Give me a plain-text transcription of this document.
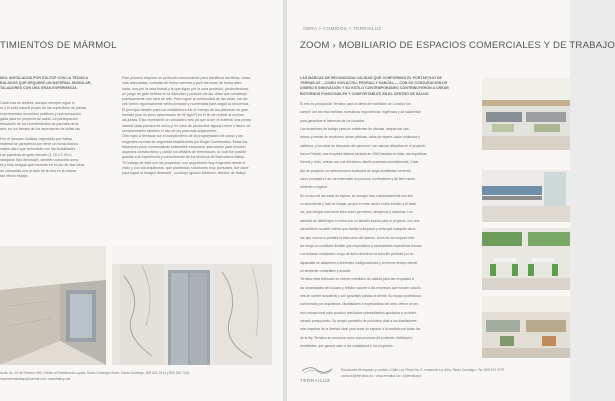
TIMIENTOS DE MÁRMOL
MOL INSTALADOS POR ITALTOP CON LA TÉCNICA
RALADOS QUE REQUIRIÓ UN MATERIAL SINGULAR,
TALADORES CON UNA GRAN EXPERIENCIA.
Cada losa es distinta, aunque siempre sigue el
ro y el sello natural propio de las superficies de piedra.
experimentan recorridos positivos y una sensación
gada para un proyecto de salud. La participación
desarrollo de los revestimientos de paredes de la
aria, en los frentes de los ascensores de todas las
Fue el llamado Volakas, importado por Italtop
material se caracteriza por tener un fondo blanco
mates claro que armonizan con las tonalidades
Las planchas de gran formato (1,78 x 2,78 m
rabajaron tipo libromach, también conocida como
ra y muy antigua que consiste en el uso de dos losas
ue colocadas una al lado de la otra en la misma
tan efecto espejo.
Este proceso requiere un profundo conocimiento para identificar las fibras, vetas,
más adecuadas, cortadas de forma correcta y pulir las losas de forma alter-
nada, una por la cara frontal y la que sigue por la cara posterior, produciéndose
un juego de gran belleza en la dirección y posición de las vetas que constituye
prácticamente una obra de arte. Para lograr la continuidad de las vetas, las pie-
zas fueron rigurosamente seleccionadas y numeradas para seguir la secuencia.
El principal desafío para los instaladores fue el manejo de las planchas de gran
formato (con un peso aproximado de 59 kg/m²) en el fin de reducir al mínimo
las juntas. Esto representó un verdadero reto ya que al ser el material una piedra
natural cada plancha es única y, en caso de producirse alguna rotura o fisura, se
comprometería también el uso de las planchas adyacentes.
Otro logro a destacar fue el cumplimiento de la programación de obras y las
exigentes normas de seguridad establecidas por Bogle Construction. Estas ins-
talaciones pone comercializan materiales exclusivos adecuados para resolver
aspectos constructivos y cuidar los detalles de terminación, lo cual fue posible
gracias a la experiencia y conocimiento de los técnicos de Marmoleria Italtop.
"El trabajo de esta con los proyectos, con seguidores muy exigentes desde el
inicio y con los arquitectos, que plantearon soluciones muy puntuales, fue clave
para lograr la imagen deseada", concluye Ignacio Martínez, director de Italtop.
Avda. Av. 23 de Febrero 493, Frente al Residencial Loyola, Santo Domingo Oeste, Santo Domingo, 809 531 1513 y 809 340 7434
marmoleriaitaltop@hotmail.com, www.italtop.net
OBRA > COMIDOS > TERRAILUZ
ZOOM › MOBILIARIO DE ESPACIOS COMERCIALES Y DE TRABAJO
LAS MARCAS DE RECONOCIDA CALIDAD QUE CONFORMAN EL PORTAFOLIO DE
TERRAILUZ —COMO SON ACTIU, PEDRALI Y SANCAL—, CON SU CONJUGACIÓN DE
DISEÑO E INNOVACIÓN Y SU ESTILO CONTEMPORÁNEO CONTRIBUYERON A CREAR
ENTORNOS FUNCIONALES Y CONFORTABLES EN EL CENTRO DE SALUD.
El reto es principal de Terrailuz para la oferta del mobiliario de Corsdon fue
cumplir con las más estrictas normativas ergonómicas, higiénicas y de salubridad
para garantizar el bienestar de los usuarios.
Las estaciones de trabajo para los ambientes de oficinas, despachos ope-
rativos y mesas de reuniones; áreas públicas, salas de espera, salón multiusos y
cafetería, y los salas de descanso del personal. Las marcas utilizadas en el proyecto
fueron Pedrali, una empresa italiana fundada en 1963 basada en Italia; las españolas
Sancal y Actiu, ambas con sus directores diseño premiado mundialmente. Cada
tipo de proyecto, se seleccionaron acabados de larga durabilidad, teniendo
como prioridad el uso de materiales no porosos, confortables y de fácil mante-
nimiento e higiene.
En el caso de las salas de espera, se escogió muy cuidadosamente sus tela
no absorbente y fácil de limpiar, ya que en este sector el alto tránsito y el detal
luz, que integra una fuerte ética como gérmenes, alérgenos y manchas. Los
asientos se distribuyen en línea con un tamaño exacto para el proyecto, con una
carmelita en la parte inferior que facilita la limpieza y evita que cualquier derra-
me que ocurra no penetre la estructura del asiento. Unos de los mejores refe-
fue elegir un mobiliario flexible que respondiera a necesidades específicas futuras.
Las butacas modulares Longo de Actiu ofrecieron la solución perfecta por su
capacidad de adaptarse a diferentes configuraciones y al mismo tiempo ofrecer
un ambiente confortable y amable.
Terrailuz está enfocado en ofrecer mobiliario de calidad para dar respuesta a
las necesidades del usuario y brindar soporte a las empresas que buscan solucio-
nes de confort duraderas y con garantías sólidas al cliente. Su equipo profesional,
conformado por arquitectos, diseñadores e especialistas del área, ofrece un ser-
vicio excepcional para producir resultados sobresalientes ajustados a un deter-
minado presupuesto. Su amplio portafolio de productos dota a los diseñadores
más expertos de la libertad ideal para crear un espacio a la medida con todas las
de la ley. Terrailuz se reconoce como una promesa de profesión, fiabilidad y
durabilidad, que genera valor a los ciudadanos y los proyectos.
TERRAILUZ
Soluciones de espacio y confort • Calle Los Pinos No. 9, ensanche La Julia, Santo Domingo • Tel. 809 472 0797
contacto@terrailuz.do • www.terrailuz.do • @terrailuzrd
